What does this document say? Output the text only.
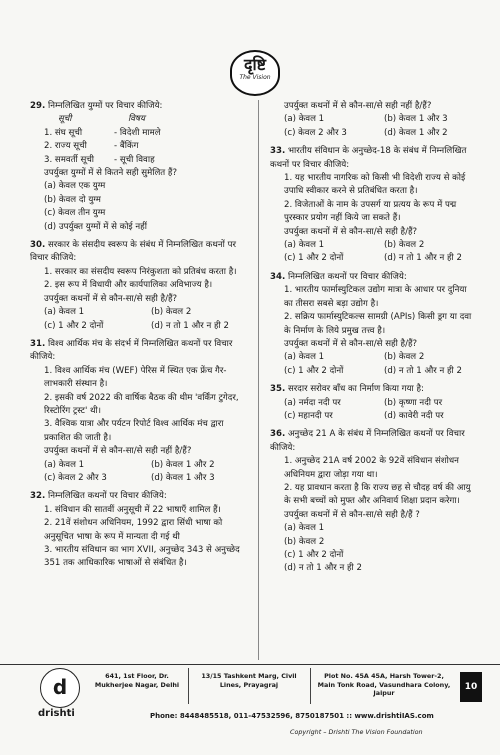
दृष्टि
The Vision
29. निम्नलिखित युग्मों पर विचार कीजिये:
सूची	विषय
1. संघ सूची	- विदेशी मामले
2. राज्य सूची	- बैंकिंग
3. समवर्ती सूची	- सूची विवाह
उपर्युक्त युग्मों में से कितने सही सुमेलित हैं?
(a) केवल एक युग्म
(b) केवल दो युग्म
(c) केवल तीन युग्म
(d) उपर्युक्त युग्मों में से कोई नहीं
30. सरकार के संसदीय स्वरूप के संबंध में निम्नलिखित कथनों पर विचार कीजिये:
1. सरकार का संसदीय स्वरूप निरंकुशता को प्रतिबंध करता है।
2. इस रूप में विधायी और कार्यपालिका अविभाज्य है।
उपर्युक्त कथनों में से कौन-सा/से सही है/हैं?
(a) केवल 1	(b) केवल 2
(c) 1 और 2 दोनों	(d) न तो 1 और न ही 2
31. विश्व आर्थिक मंच के संदर्भ में निम्नलिखित कथनों पर विचार कीजिये:
1. विश्व आर्थिक मंच (WEF) पेरिस में स्थित एक फ्रेंच गैर-लाभकारी संस्थान है।
2. इसकी वर्ष 2022 की वार्षिक बैठक की थीम 'वर्किंग टुगेदर, रिस्टोरिंग ट्रस्ट' थी।
3. वैश्विक यात्रा और पर्यटन रिपोर्ट विश्व आर्थिक मंच द्वारा प्रकाशित की जाती है।
उपर्युक्त कथनों में से कौन-सा/से सही नहीं है/हैं?
(a) केवल 1	(b) केवल 1 और 2
(c) केवल 2 और 3	(d) केवल 1 और 3
32. निम्नलिखित कथनों पर विचार कीजिये:
1. संविधान की सातवीं अनुसूची में 22 भाषाएँ शामिल हैं।
2. 21वें संशोधन अधिनियम, 1992 द्वारा सिंधी भाषा को अनुसूचित भाषा के रूप में मान्यता दी गई थी
3. भारतीय संविधान का भाग XVII, अनुच्छेद 343 से अनुच्छेद 351 तक आधिकारिक भाषाओं से संबंधित है।
उपर्युक्त कथनों में से कौन-सा/से सही नहीं है/हैं?
(a) केवल 1	(b) केवल 1 और 3
(c) केवल 2 और 3	(d) केवल 1 और 2
33. भारतीय संविधान के अनुच्छेद-18 के संबंध में निम्नलिखित कथनों पर विचार कीजिये:
1. यह भारतीय नागरिक को किसी भी विदेशी राज्य से कोई उपाधि स्वीकार करने से प्रतिबंधित करता है।
2. विजेताओं के नाम के उपसर्ग या प्रत्यय के रूप में पद्म पुरस्कार प्रयोग नहीं किये जा सकते हैं।
उपर्युक्त कथनों में से कौन-सा/से सही है/हैं?
(a) केवल 1	(b) केवल 2
(c) 1 और 2 दोनों	(d) न तो 1 और न ही 2
34. निम्नलिखित कथनों पर विचार कीजिये:
1. भारतीय फार्मास्युटिकल उद्योग मात्रा के आधार पर दुनिया का तीसरा सबसे बड़ा उद्योग है।
2. सक्रिय फार्मास्युटिकल्स सामग्री (APIs) किसी ड्रग या दवा के निर्माण के लिये प्रमुख तत्त्व है।
उपर्युक्त कथनों में से कौन-सा/से सही है/हैं?
(a) केवल 1	(b) केवल 2
(c) 1 और 2 दोनों	(d) न तो 1 और न ही 2
35. सरदार सरोवर बाँध का निर्माण किया गया है:
(a) नर्मदा नदी पर	(b) कृष्णा नदी पर
(c) महानदी पर	(d) कावेरी नदी पर
36. अनुच्छेद 21 A के संबंध में निम्नलिखित कथनों पर विचार कीजिये:
1. अनुच्छेद 21A वर्ष 2002 के 92वें संविधान संशोधन अधिनियम द्वारा जोड़ा गया था।
2. यह प्रावधान करता है कि राज्य छह से चौदह वर्ष की आयु के सभी बच्चों को मुफ्त और अनिवार्य शिक्षा प्रदान करेगा।
उपर्युक्त कथनों में से कौन-सा/से सही है/हैं ?
(a) केवल 1
(b) केवल 2
(c) 1 और 2 दोनों
(d) न तो 1 और न ही 2
d
drishti
641, 1st Floor, Dr. Mukherjee Nagar, Delhi
13/15 Tashkent Marg, Civil Lines, Prayagraj
Plot No. 45A 45A, Harsh Tower-2, Main Tonk Road, Vasundhara Colony, Jaipur
Phone: 8448485518, 011-47532596, 8750187501 :: www.drishtiIAS.com
10
Copyright – Drishti The Vision Foundation
